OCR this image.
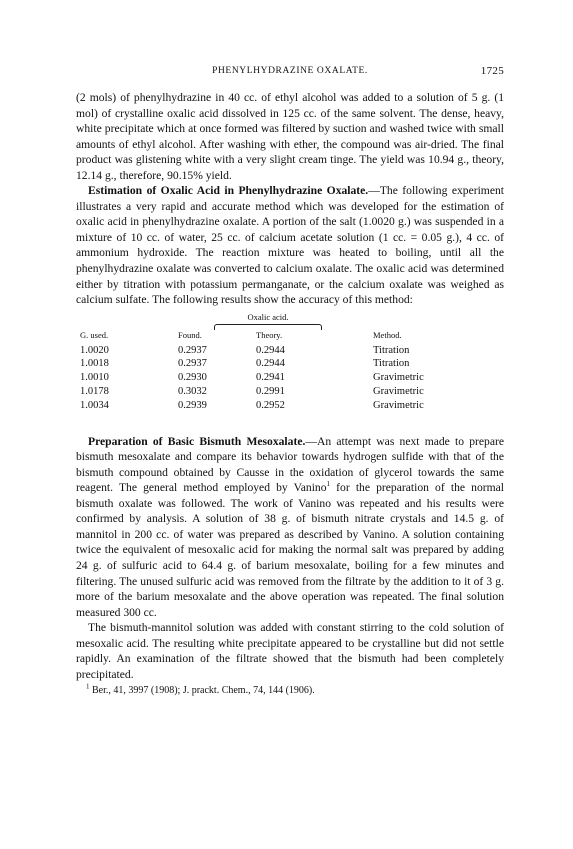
PHENYLHYDRAZINE OXALATE.	1725

(2 mols) of phenylhydrazine in 40 cc. of ethyl alcohol was added to a solution of 5 g. (1 mol) of crystalline oxalic acid dissolved in 125 cc. of the same solvent. The dense, heavy, white precipitate which at once formed was filtered by suction and washed twice with small amounts of ethyl alcohol. After washing with ether, the compound was air-dried. The final product was glistening white with a very slight cream tinge. The yield was 10.94 g., theory, 12.14 g., therefore, 90.15% yield.

Estimation of Oxalic Acid in Phenylhydrazine Oxalate.—The following experiment illustrates a very rapid and accurate method which was developed for the estimation of oxalic acid in phenylhydrazine oxalate. A portion of the salt (1.0020 g.) was suspended in a mixture of 10 cc. of water, 25 cc. of calcium acetate solution (1 cc. = 0.05 g.), 4 cc. of ammonium hydroxide. The reaction mixture was heated to boiling, until all the phenylhydrazine oxalate was converted to calcium oxalate. The oxalic acid was determined either by titration with potassium permanganate, or the calcium oxalate was weighed as calcium sulfate. The following results show the accuracy of this method:

Oxalic acid.
G. used.	Found.	Theory.	Method.
1.0020	0.2937	0.2944	Titration
1.0018	0.2937	0.2944	Titration
1.0010	0.2930	0.2941	Gravimetric
1.0178	0.3032	0.2991	Gravimetric
1.0034	0.2939	0.2952	Gravimetric

Preparation of Basic Bismuth Mesoxalate.—An attempt was next made to prepare bismuth mesoxalate and compare its behavior towards hydrogen sulfide with that of the bismuth compound obtained by Causse in the oxidation of glycerol towards the same reagent. The general method employed by Vanino$^1$ for the preparation of the normal bismuth oxalate was followed. The work of Vanino was repeated and his results were confirmed by analysis. A solution of 38 g. of bismuth nitrate crystals and 14.5 g. of mannitol in 200 cc. of water was prepared as described by Vanino. A solution containing twice the equivalent of mesoxalic acid for making the normal salt was prepared by adding 24 g. of sulfuric acid to 64.4 g. of barium mesoxalate, boiling for a few minutes and filtering. The unused sulfuric acid was removed from the filtrate by the addition to it of 3 g. more of the barium mesoxalate and the above operation was repeated. The final solution measured 300 cc.

The bismuth-mannitol solution was added with constant stirring to the cold solution of mesoxalic acid. The resulting white precipitate appeared to be crystalline but did not settle rapidly. An examination of the filtrate showed that the bismuth had been completely precipitated.

$^1$ Ber., 41, 3997 (1908); J. prackt. Chem., 74, 144 (1906).
